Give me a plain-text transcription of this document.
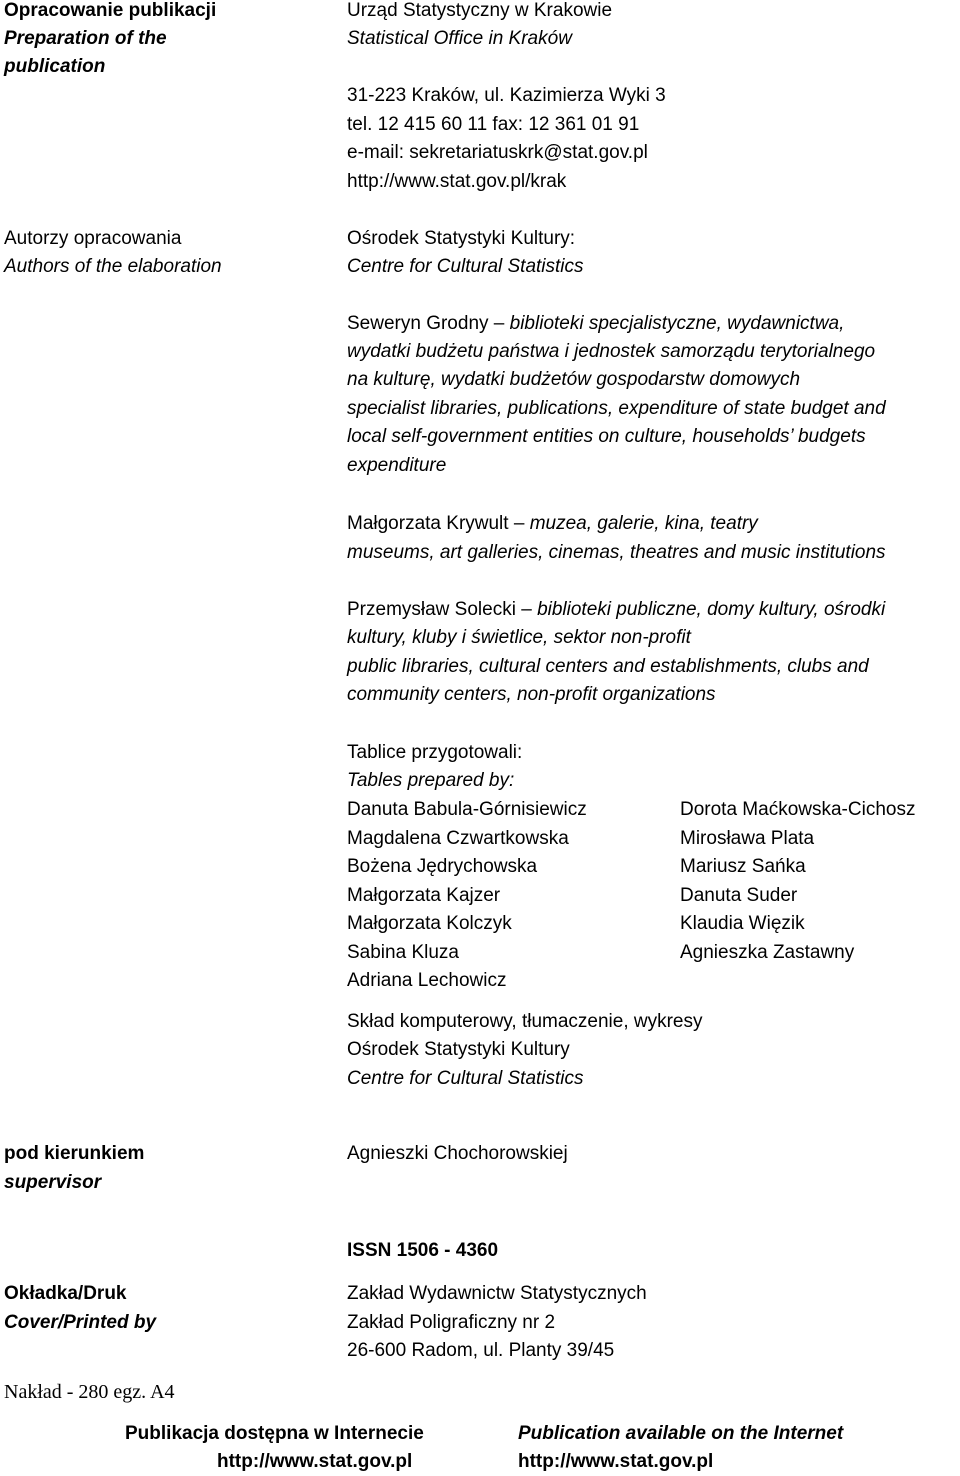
Opracowanie publikacji
Preparation of the
publication
Urząd Statystyczny w Krakowie
Statistical Office in Kraków
31-223 Kraków, ul. Kazimierza Wyki 3
tel. 12 415 60 11 fax: 12 361 01 91
e-mail: sekretariatuskrk@stat.gov.pl
http://www.stat.gov.pl/krak
Autorzy opracowania
Authors of the elaboration
Ośrodek Statystyki Kultury:
Centre for Cultural Statistics
Seweryn Grodny – biblioteki specjalistyczne, wydawnictwa,
wydatki budżetu państwa i jednostek samorządu terytorialnego
na kulturę, wydatki budżetów gospodarstw domowych
specialist libraries, publications, expenditure of state budget and
local self-government entities on culture, households’ budgets
expenditure
Małgorzata Krywult – muzea, galerie, kina, teatry
museums, art galleries, cinemas, theatres and music institutions
Przemysław Solecki – biblioteki publiczne, domy kultury, ośrodki
kultury, kluby i świetlice, sektor non-profit
public libraries, cultural centers and establishments, clubs and
community centers, non-profit organizations
Tablice przygotowali:
Tables prepared by:
Danuta Babula-Górnisiewicz
Magdalena Czwartkowska
Bożena Jędrychowska
Małgorzata Kajzer
Małgorzata Kolczyk
Sabina Kluza
Adriana Lechowicz
Dorota Maćkowska-Cichosz
Mirosława Plata
Mariusz Sańka
Danuta Suder
Klaudia Więzik
Agnieszka Zastawny
Skład komputerowy, tłumaczenie, wykresy
Ośrodek Statystyki Kultury
Centre for Cultural Statistics
pod kierunkiem
supervisor
Agnieszki Chochorowskiej
ISSN 1506 - 4360
Okładka/Druk
Cover/Printed by
Zakład Wydawnictw Statystycznych
Zakład Poligraficzny nr 2
26-600 Radom, ul. Planty 39/45
Nakład - 280 egz. A4
Publikacja dostępna w Internecie
http://www.stat.gov.pl
Publication available on the Internet
http://www.stat.gov.pl
